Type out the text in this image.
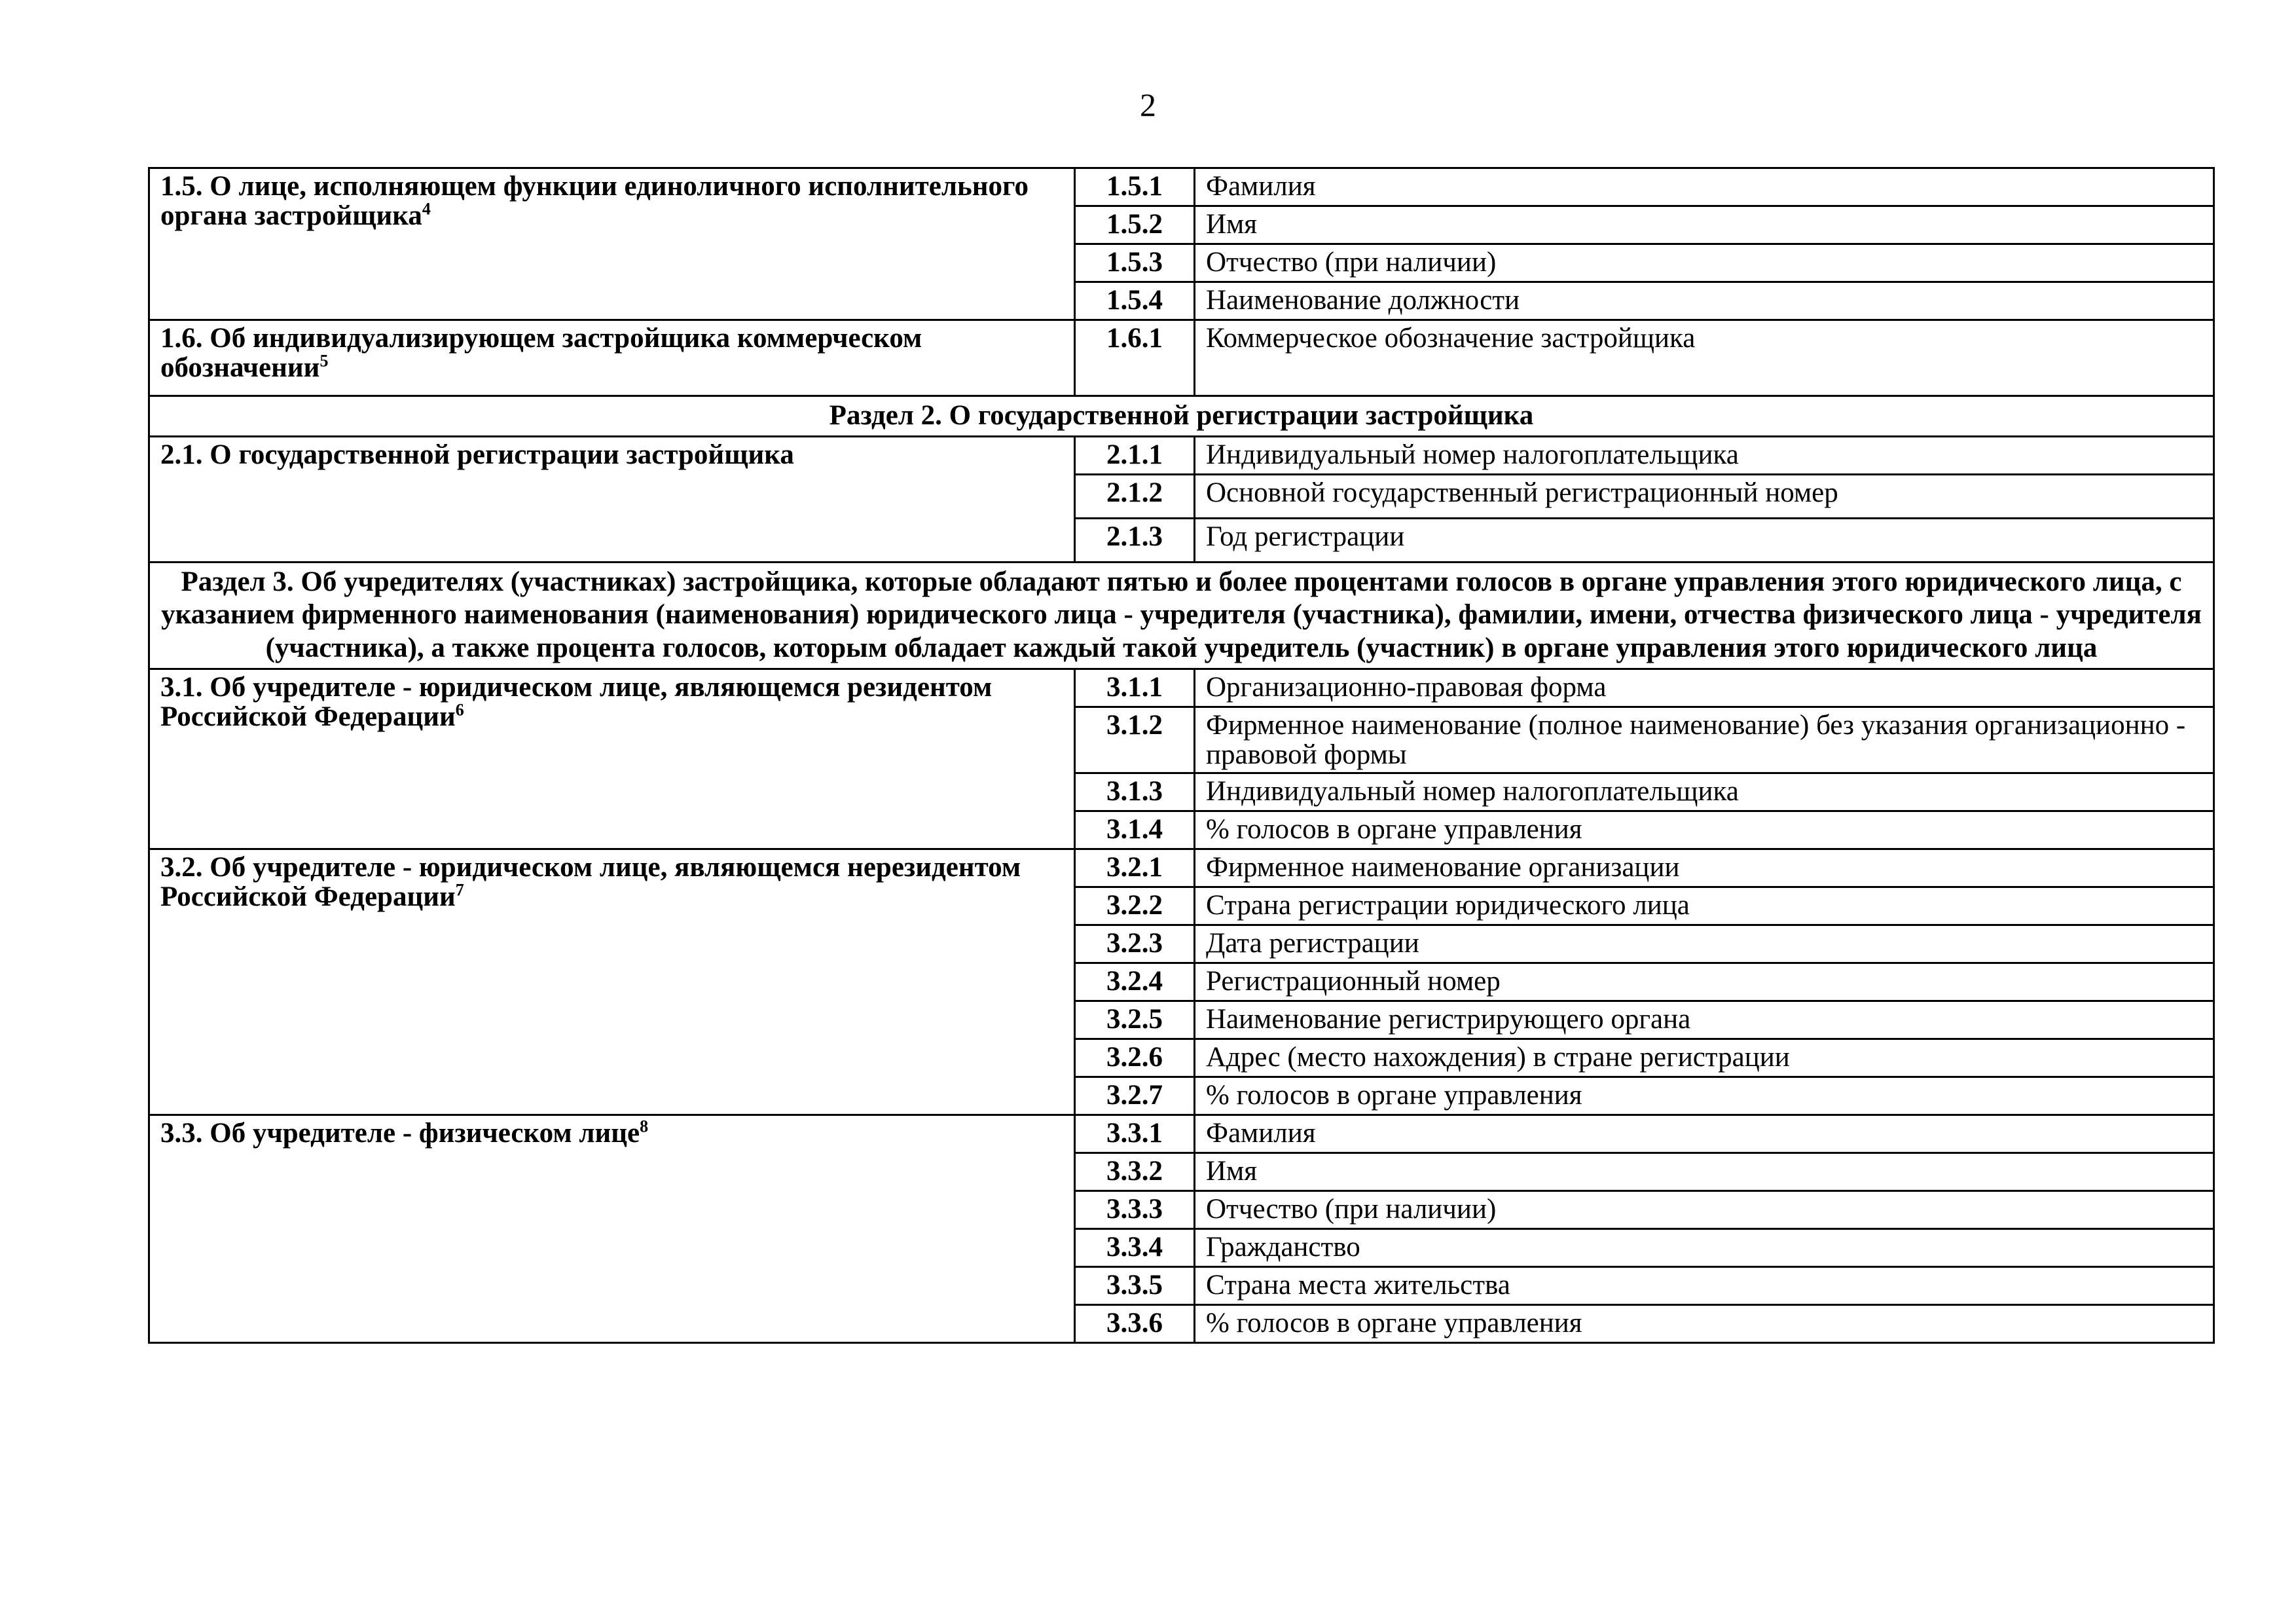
2
1.5. О лице, исполняющем функции единоличного исполнительного органа застройщика$^4$	1.5.1	Фамилия
	1.5.2	Имя
	1.5.3	Отчество (при наличии)
	1.5.4	Наименование должности
1.6. Об индивидуализирующем застройщика коммерческом обозначении$^5$	1.6.1	Коммерческое обозначение застройщика
Раздел 2. О государственной регистрации застройщика		
2.1. О государственной регистрации застройщика	2.1.1	Индивидуальный номер налогоплательщика
	2.1.2	Основной государственный регистрационный номер
	2.1.3	Год регистрации
Раздел 3. Об учредителях (участниках) застройщика, которые обладают пятью и более процентами голосов в органе управления этого юридического лица, с указанием фирменного наименования (наименования) юридического лица - учредителя (участника), фамилии, имени, отчества физического лица - учредителя (участника), а также процента голосов, которым обладает каждый такой учредитель (участник) в органе управления этого юридического лица		
3.1. Об учредителе - юридическом лице, являющемся резидентом Российской Федерации$^6$	3.1.1	Организационно-правовая форма
	3.1.2	Фирменное наименование (полное наименование) без указания организационно - правовой формы
	3.1.3	Индивидуальный номер налогоплательщика
	3.1.4	% голосов в органе управления
3.2. Об учредителе - юридическом лице, являющемся нерезидентом Российской Федерации$^7$	3.2.1	Фирменное наименование организации
	3.2.2	Страна регистрации юридического лица
	3.2.3	Дата регистрации
	3.2.4	Регистрационный номер
	3.2.5	Наименование регистрирующего органа
	3.2.6	Адрес (место нахождения) в стране регистрации
	3.2.7	% голосов в органе управления
3.3. Об учредителе - физическом лице$^8$	3.3.1	Фамилия
	3.3.2	Имя
	3.3.3	Отчество (при наличии)
	3.3.4	Гражданство
	3.3.5	Страна места жительства
	3.3.6	% голосов в органе управления
